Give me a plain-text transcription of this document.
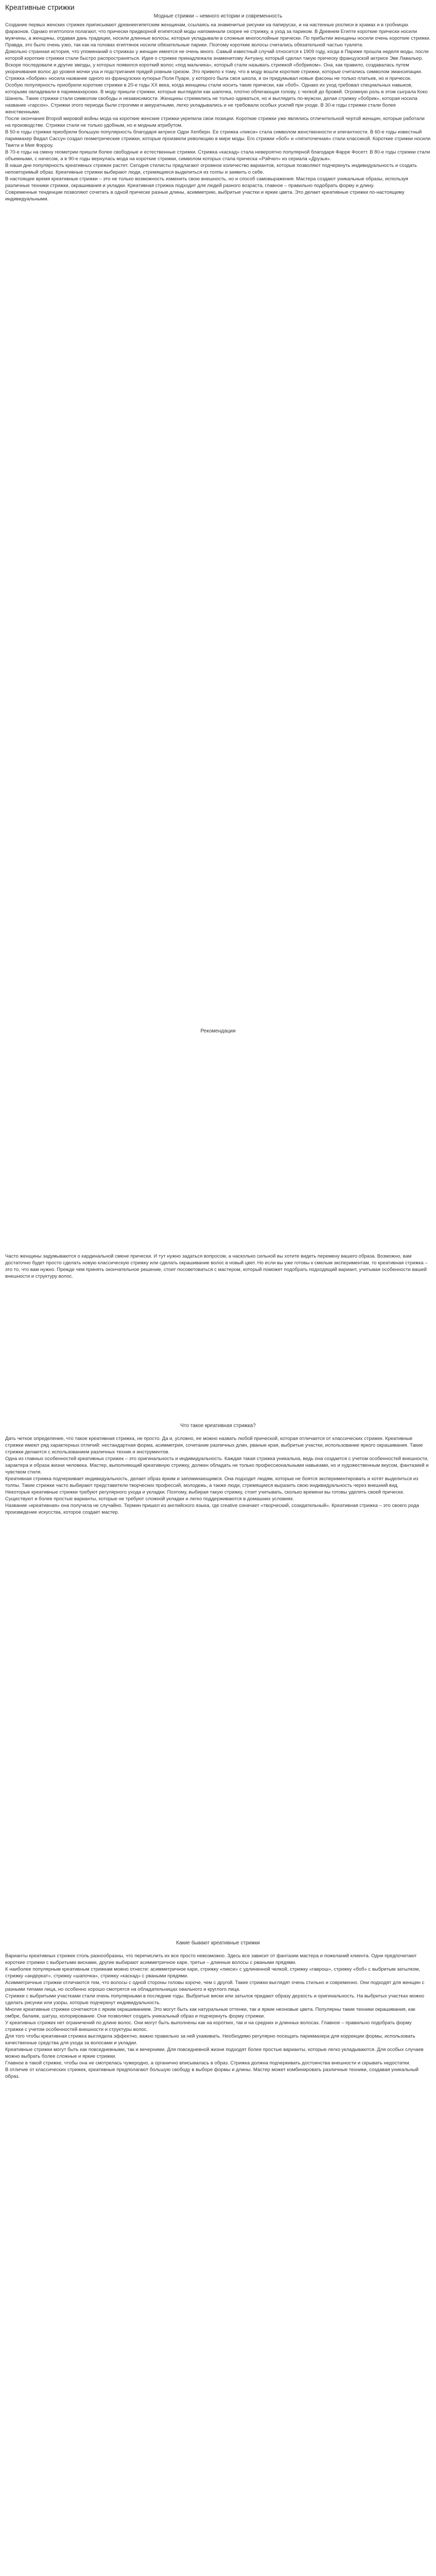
Креативные стрижки
Модные стрижки – немного истории и современность
Создание первых женских стрижек приписывают древнеегипетским женщинам, ссылаясь на знаменитые рисунки на папирусах, и на настенные росписи в храмах и в гробницах фараонов. Однако египтологи полагают, что прически придворной египетской моды напоминали скорее не стрижку, а уход за париком. В Древнем Египте короткие прически носили мужчины, а женщины, отдавая дань традиции, носили длинные волосы, которые укладывали в сложные многослойные прически. По прибытии женщины носили очень короткие стрижки. Правда, это было очень узко, так как на головах египтянок носили обязательные парики. Поэтому короткие волосы считались обязательной частью туалета.
Довольно странная история, что упоминаний о стрижках у женщин имеется не очень много. Самый известный случай относится к 1909 году, когда в Париже прошла неделя моды, после которой короткие стрижки стали быстро распространяться. Идея о стрижке принадлежала знаменитому Антуану, который сделал такую прическу французской актрисе Эве Лавальер. Вскоре последовали и другие звезды, у которых появился короткий волос «под мальчика», который стали называть стрижкой «бобриком». Она, как правило, создавалась путем укорачивания волос до уровня мочки уха и подстригания прядей ровным срезом. Это привело к тому, что в моду вошли короткие стрижки, которые считались символом эмансипации. Стрижка «бобрик» носила название одного из французских кутюрье Поля Пуаре, у которого была своя школа, и он придумывал новые фасоны не только платьев, но и причесок.
Особую популярность приобрели короткие стрижки в 20-е годы XX века, когда женщины стали носить такие прически, как «боб». Однако их уход требовал специальных навыков, которыми овладевали в парикмахерских. В моду пришли стрижки, которые выглядели как шапочка, плотно облегающая голову, с челкой до бровей. Огромную роль в этом сыграла Коко Шанель. Такие стрижки стали символом свободы и независимости. Женщины стремились не только одеваться, но и выглядеть по-мужски, делая стрижку «бобрик», которая носила название «гарсон». Стрижки этого периода были строгими и аккуратными, легко укладывались и не требовали особых усилий при уходе. В 30-е годы стрижки стали более женственными.
После окончания Второй мировой войны мода на короткие женские стрижки укрепила свои позиции. Короткие стрижки уже являлись отличительной чертой женщин, которые работали на производстве. Стрижки стали не только удобным, но и модным атрибутом.
В 50-е годы стрижки приобрели большую популярность благодаря актрисе Одри Хепберн. Ее стрижка «пикси» стала символом женственности и элегантности. В 60-е годы известный парикмахер Видал Сассун создал геометрические стрижки, которые произвели революцию в мире моды. Его стрижки «боб» и «пятиточечная» стали классикой. Короткие стрижки носили Твигги и Мия Фэрроу.
В 70-е годы на смену геометрии пришли более свободные и естественные стрижки. Стрижка «каскад» стала невероятно популярной благодаря Фарре Фосетт. В 80-е годы стрижки стали объемными, с начесом, а в 90-е годы вернулась мода на короткие стрижки, символом которых стала прическа «Рэйчел» из сериала «Друзья».
В наши дни популярность креативных стрижек растет. Сегодня стилисты предлагают огромное количество вариантов, которые позволяют подчеркнуть индивидуальность и создать неповторимый образ. Креативные стрижки выбирают люди, стремящиеся выделиться из толпы и заявить о себе.
В настоящее время креативные стрижки – это не только возможность изменить свою внешность, но и способ самовыражения. Мастера создают уникальные образы, используя различные техники стрижки, окрашивания и укладки. Креативная стрижка подходит для людей разного возраста, главное – правильно подобрать форму и длину.
Современные тенденции позволяют сочетать в одной прическе разные длины, асимметрию, выбритые участки и яркие цвета. Это делает креативные стрижки по-настоящему индивидуальными.
Рекомендации
Часто женщины задумываются о кардинальной смене прически. И тут нужно задаться вопросом, а насколько сильной вы хотите видеть перемену вашего образа. Возможно, вам достаточно будет просто сделать новую классическую стрижку или сделать окрашивание волос в новый цвет. Но если вы уже готовы к смелым экспериментам, то креативная стрижка – это то, что вам нужно. Прежде чем принять окончательное решение, стоит посоветоваться с мастером, который поможет подобрать подходящий вариант, учитывая особенности вашей внешности и структуру волос.
Что такое креативная стрижка?
Дать четкое определение, что такое креативная стрижка, не просто. Да и, условно, ее можно назвать любой прической, которая отличается от классических стрижек. Креативные стрижки имеют ряд характерных отличий: нестандартная форма, асимметрия, сочетание различных длин, рваные края, выбритые участки, использование яркого окрашивания. Такие стрижки делаются с использованием различных техник и инструментов.
Одна из главных особенностей креативных стрижек – это оригинальность и индивидуальность. Каждая такая стрижка уникальна, ведь она создается с учетом особенностей внешности, характера и образа жизни человека. Мастер, выполняющий креативную стрижку, должен обладать не только профессиональными навыками, но и художественным вкусом, фантазией и чувством стиля.
Креативная стрижка подчеркивает индивидуальность, делает образ ярким и запоминающимся. Она подходит людям, которые не боятся экспериментировать и хотят выделиться из толпы. Такие стрижки часто выбирают представители творческих профессий, молодежь, а также люди, стремящиеся выразить свою индивидуальность через внешний вид.
Некоторые креативные стрижки требуют регулярного ухода и укладки. Поэтому, выбирая такую стрижку, стоит учитывать, сколько времени вы готовы уделять своей прическе. Существуют и более простые варианты, которые не требуют сложной укладки и легко поддерживаются в домашних условиях.
Название «креативная» она получила не случайно. Термин пришел из английского языка, где creative означает «творческий, созидательный». Креативная стрижка – это своего рода произведение искусства, которое создает мастер.
Какие бывают креативные стрижки
Варианты креативных стрижек столь разнообразны, что перечислить их все просто невозможно. Здесь все зависит от фантазии мастера и пожеланий клиента. Одни предпочитают короткие стрижки с выбритыми висками, другие выбирают асимметричное каре, третьи – длинные волосы с рваными прядями.
К наиболее популярным креативным стрижкам можно отнести: асимметричное каре, стрижку «пикси» с удлиненной челкой, стрижку «гаврош», стрижку «боб» с выбритым затылком, стрижку «андеркат», стрижку «шапочка», стрижку «каскад» с рваными прядями.
Асимметричные стрижки отличаются тем, что волосы с одной стороны головы короче, чем с другой. Такие стрижки выглядят очень стильно и современно. Они подходят для женщин с разными типами лица, но особенно хорошо смотрятся на обладательницах овального и круглого лица.
Стрижки с выбритыми участками стали очень популярными в последние годы. Выбритые виски или затылок придают образу дерзость и оригинальность. На выбритых участках можно сделать рисунки или узоры, которые подчеркнут индивидуальность.
Многие креативные стрижки сочетаются с ярким окрашиванием. Это могут быть как натуральные оттенки, так и яркие неоновые цвета. Популярны такие техники окрашивания, как омбре, балаяж, шатуш, колорирование. Они позволяют создать уникальный образ и подчеркнуть форму стрижки.
У креативных стрижек нет ограничений по длине волос. Они могут быть выполнены как на коротких, так и на средних и длинных волосах. Главное – правильно подобрать форму стрижки с учетом особенностей внешности и структуры волос.
Для того чтобы креативная стрижка выглядела эффектно, важно правильно за ней ухаживать. Необходимо регулярно посещать парикмахера для коррекции формы, использовать качественные средства для ухода за волосами и укладки.
Креативные стрижки могут быть как повседневными, так и вечерними. Для повседневной жизни подходят более простые варианты, которые легко укладываются. Для особых случаев можно выбрать более сложные и яркие стрижки.
Главное в такой стрижке, чтобы она не смотрелась чужеродно, а органично вписывалась в образ. Стрижка должна подчеркивать достоинства внешности и скрывать недостатки.
В отличие от классических стрижек, креативные предполагают большую свободу в выборе формы и длины. Мастер может комбинировать различные техники, создавая уникальный образ.
